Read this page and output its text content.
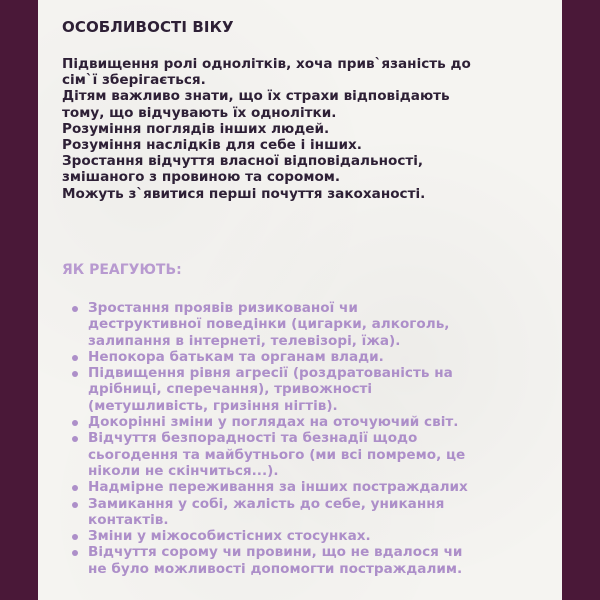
ОСОБЛИВОСТІ ВІКУ
Підвищення ролі однолітків, хоча прив`язаність до
сім`ї зберігається.
Дітям важливо знати, що їх страхи відповідають
тому, що відчувають їх однолітки.
Розуміння поглядів інших людей.
Розуміння наслідків для себе і інших.
Зростання відчуття власної відповідальності,
змішаного з провиною та соромом.
Можуть з`явитися перші почуття закоханості.
ЯК РЕАГУЮТЬ:
Зростання проявів ризикованої чи
деструктивної поведінки (цигарки, алкоголь,
залипання в інтернеті, телевізорі, їжа).
Непокора батькам та органам влади.
Підвищення рівня агресії (роздратованість на
дрібниці, сперечання), тривожності
(метушливість, гризіння нігтів).
Докорінні зміни у поглядах на оточуючий світ.
Відчуття безпорадності та безнадії щодо
сьогодення та майбутнього (ми всі помремо, це
ніколи не скінчиться...).
Надмірне переживання за інших постраждалих
Замикання у собі, жалість до себе, уникання
контактів.
Зміни у міжособистісних стосунках.
Відчуття сорому чи провини, що не вдалося чи
не було можливості допомогти постраждалим.
